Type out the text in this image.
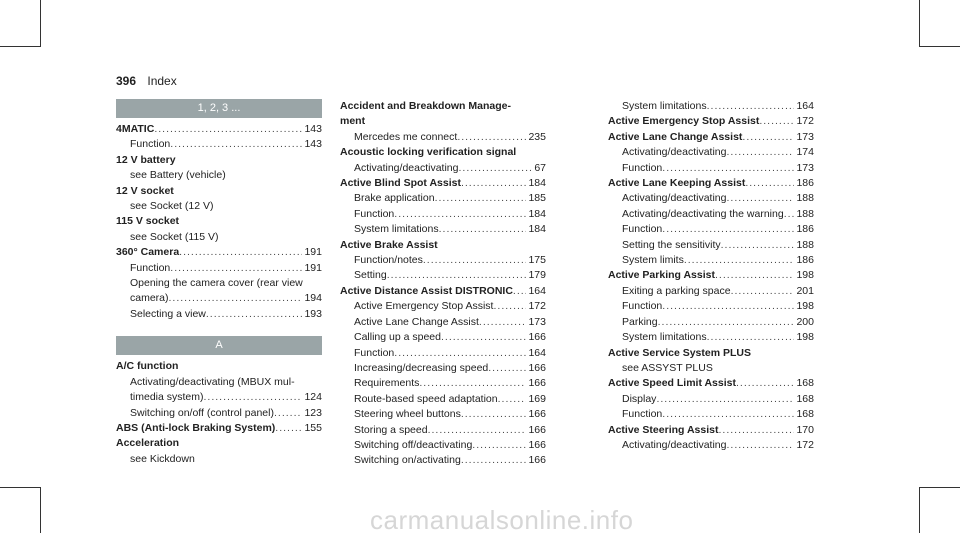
396 Index
1, 2, 3 ...
4MATIC .....	143
Function .....	143
12 V battery
see Battery (vehicle)
12 V socket
see Socket (12 V)
115 V socket
see Socket (115 V)
360° Camera .....	191
Function .....	191
Opening the camera cover (rear view
camera) .....	194
Selecting a view .....	193
A
A/C function
Activating/deactivating (MBUX mul-
timedia system) .....	124
Switching on/off (control panel) .....	123
ABS (Anti-lock Braking System) .....	155
Acceleration
see Kickdown
Accident and Breakdown Manage-
ment
Mercedes me connect .....	235
Acoustic locking verification signal
Activating/deactivating .....	67
Active Blind Spot Assist .....	184
Brake application .....	185
Function .....	184
System limitations .....	184
Active Brake Assist
Function/notes .....	175
Setting .....	179
Active Distance Assist DISTRONIC ..... 164
Active Emergency Stop Assist .....	172
Active Lane Change Assist .....	173
Calling up a speed .....	166
Function .....	164
Increasing/decreasing speed .....	166
Requirements .....	166
Route-based speed adaptation .....	169
Steering wheel buttons .....	166
Storing a speed .....	166
Switching off/deactivating .....	166
Switching on/activating .....	166
System limitations .....	164
Active Emergency Stop Assist .....	172
Active Lane Change Assist .....	173
Activating/deactivating .....	174
Function .....	173
Active Lane Keeping Assist .....	186
Activating/deactivating .....	188
Activating/deactivating the warning ..... 188
Function .....	186
Setting the sensitivity .....	188
System limits .....	186
Active Parking Assist .....	198
Exiting a parking space .....	201
Function .....	198
Parking .....	200
System limitations .....	198
Active Service System PLUS
see ASSYST PLUS
Active Speed Limit Assist .....	168
Display .....	168
Function .....	168
Active Steering Assist .....	170
Activating/deactivating .....	172
carmanualsonline.info
